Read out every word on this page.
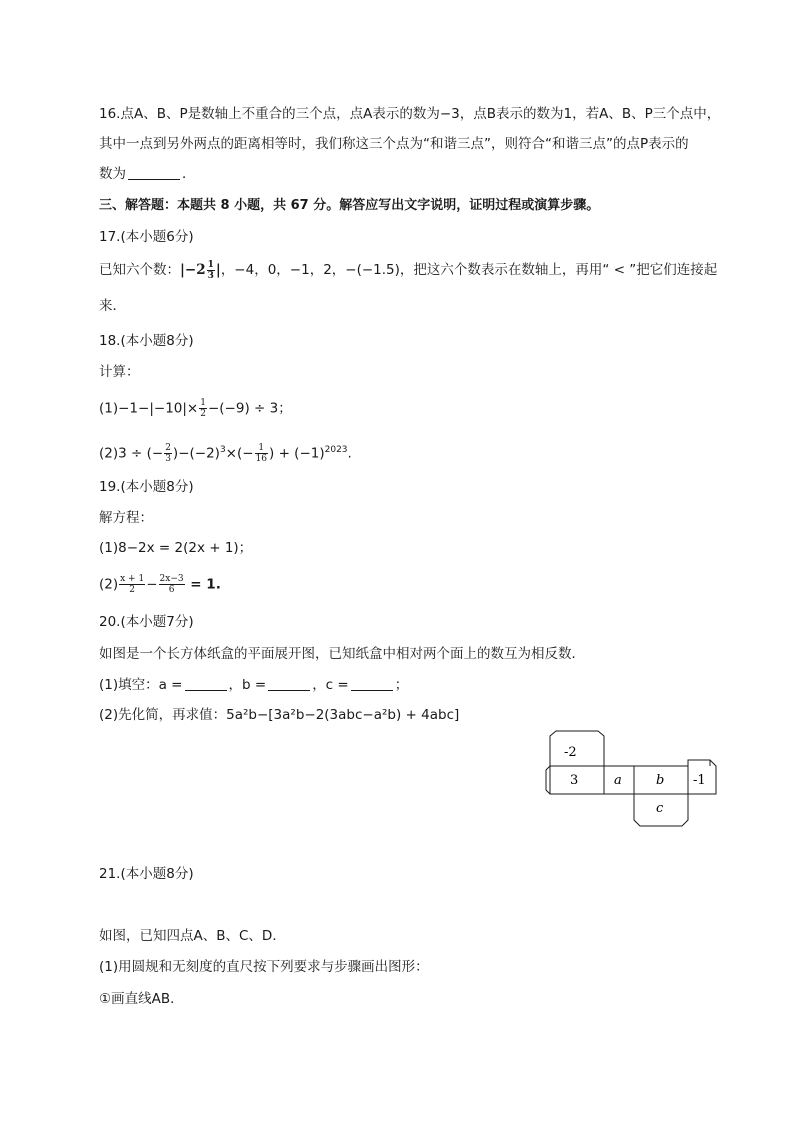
16.点A、B、P是数轴上不重合的三个点，点A表示的数为−3，点B表示的数为1，若A、B、P三个点中，
其中一点到另外两点的距离相等时，我们称这三个点为“和谐三点”，则符合“和谐三点”的点P表示的
数为	．
三、解答题：本题共 8 小题，共 67 分。解答应写出文字说明，证明过程或演算步骤。
17.(本小题6分)
已知六个数：$|-2 \frac{1}{3}$ |，−4，0，−1，2，−(−1.5)，把这六个数表示在数轴上，再用“ < ”把它们连接起
来．
18.(本小题8分)
计算：
$(1)-1-|-10|\times \frac{1}{2} -(-9) \div 3$；
(2)3 ÷ (− $\frac{2}{3} )-(-2)^3\times(- \frac{1}{16}$ ) + $(-1)^{2023}$.
19.(本小题8分)
解方程：
(1)8−2x = 2(2x + 1)；
$(2) \frac{x + 1}{2} - \frac{2x-3}{6} = 1$.
20.(本小题7分)
如图是一个长方体纸盒的平面展开图，已知纸盒中相对两个面上的数互为相反数．
(1)填空：a =	，b =	，c =	；
(2)先化简，再求值：5a²b−[3a²b−2(3abc−a²b) + 4abc]
-2
3	a	b -1
c
21.(本小题8分)
如图，已知四点A、B、C、D．
(1)用圆规和无刻度的直尺按下列要求与步骤画出图形：
①画直线AB．
